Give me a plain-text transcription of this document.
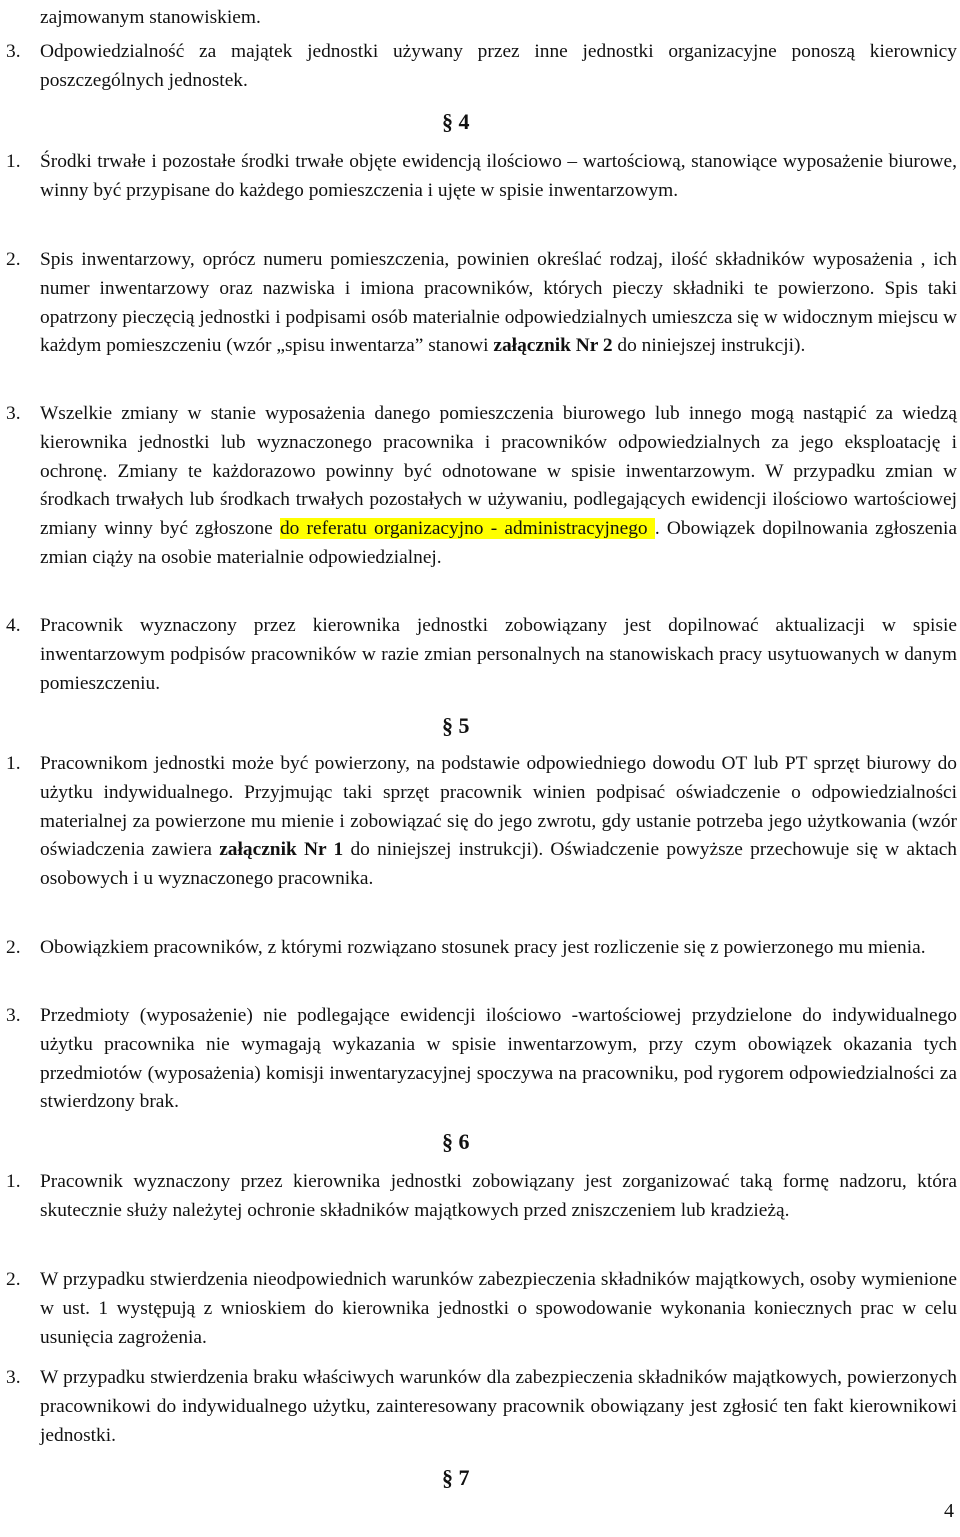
zajmowanym stanowiskiem.
3. Odpowiedzialność za majątek jednostki używany przez inne jednostki organizacyjne ponoszą kierownicy poszczególnych jednostek.
§ 4
1. Środki trwałe i pozostałe środki trwałe objęte ewidencją ilościowo – wartościową, stanowiące wyposażenie biurowe, winny być przypisane do każdego pomieszczenia i ujęte w spisie inwentarzowym.
2. Spis inwentarzowy, oprócz numeru pomieszczenia, powinien określać rodzaj, ilość składników wyposażenia , ich numer inwentarzowy oraz nazwiska i imiona pracowników, których pieczy składniki te powierzono. Spis taki opatrzony pieczęcią jednostki i podpisami osób materialnie odpowiedzialnych umieszcza się w widocznym miejscu w każdym pomieszczeniu (wzór „spisu inwentarza” stanowi załącznik Nr 2 do niniejszej instrukcji).
3. Wszelkie zmiany w stanie wyposażenia danego pomieszczenia biurowego lub innego mogą nastąpić za wiedzą kierownika jednostki lub wyznaczonego pracownika i pracowników odpowiedzialnych za jego eksploatację i ochronę. Zmiany te każdorazowo powinny być odnotowane w spisie inwentarzowym. W przypadku zmian w środkach trwałych lub środkach trwałych pozostałych w używaniu, podlegających ewidencji ilościowo wartościowej zmiany winny być zgłoszone do referatu organizacyjno - administracyjnego . Obowiązek dopilnowania zgłoszenia zmian ciąży na osobie materialnie odpowiedzialnej.
4. Pracownik wyznaczony przez kierownika jednostki zobowiązany jest dopilnować aktualizacji w spisie inwentarzowym podpisów pracowników w razie zmian personalnych na stanowiskach pracy usytuowanych w danym pomieszczeniu.
§ 5
1. Pracownikom jednostki może być powierzony, na podstawie odpowiedniego dowodu OT lub PT sprzęt biurowy do użytku indywidualnego. Przyjmując taki sprzęt pracownik winien podpisać oświadczenie o odpowiedzialności materialnej za powierzone mu mienie i zobowiązać się do jego zwrotu, gdy ustanie potrzeba jego użytkowania (wzór oświadczenia zawiera załącznik Nr 1 do niniejszej instrukcji). Oświadczenie powyższe przechowuje się w aktach osobowych i u wyznaczonego pracownika.
2. Obowiązkiem pracowników, z którymi rozwiązano stosunek pracy jest rozliczenie się z powierzonego mu mienia.
3. Przedmioty (wyposażenie) nie podlegające ewidencji ilościowo -wartościowej przydzielone do indywidualnego użytku pracownika nie wymagają wykazania w spisie inwentarzowym, przy czym obowiązek okazania tych przedmiotów (wyposażenia) komisji inwentaryzacyjnej spoczywa na pracowniku, pod rygorem odpowiedzialności za stwierdzony brak.
§ 6
1. Pracownik wyznaczony przez kierownika jednostki zobowiązany jest zorganizować taką formę nadzoru, która skutecznie służy należytej ochronie składników majątkowych przed zniszczeniem lub kradzieżą.
2. W przypadku stwierdzenia nieodpowiednich warunków zabezpieczenia składników majątkowych, osoby wymienione w ust. 1 występują z wnioskiem do kierownika jednostki o spowodowanie wykonania koniecznych prac w celu usunięcia zagrożenia.
3. W przypadku stwierdzenia braku właściwych warunków dla zabezpieczenia składników majątkowych, powierzonych pracownikowi do indywidualnego użytku, zainteresowany pracownik obowiązany jest zgłosić ten fakt kierownikowi jednostki.
§ 7
4
